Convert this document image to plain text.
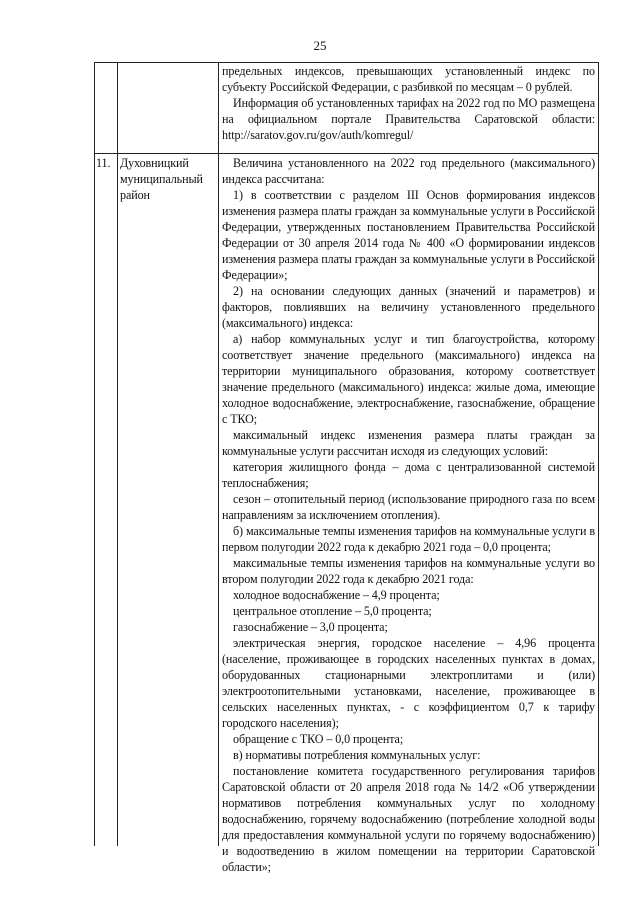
25

предельных индексов, превышающих установленный индекс по субъекту Российской Федерации, с разбивкой по месяцам – 0 рублей.

Информация об установленных тарифах на 2022 год по МО размещена на официальном портале Правительства Саратовской области: http://saratov.gov.ru/gov/auth/komregul/

11. Духовницкий муниципальный район

Величина установленного на 2022 год предельного (максимального) индекса рассчитана:

1) в соответствии с разделом III Основ формирования индексов изменения размера платы граждан за коммунальные услуги в Российской Федерации, утвержденных постановлением Правительства Российской Федерации от 30 апреля 2014 года № 400 «О формировании индексов изменения размера платы граждан за коммунальные услуги в Российской Федерации»;

2) на основании следующих данных (значений и параметров) и факторов, повлиявших на величину установленного предельного (максимального) индекса:

а) набор коммунальных услуг и тип благоустройства, которому соответствует значение предельного (максимального) индекса на территории муниципального образования, которому соответствует значение предельного (максимального) индекса: жилые дома, имеющие холодное водоснабжение, электроснабжение, газоснабжение, обращение с ТКО;

максимальный индекс изменения размера платы граждан за коммунальные услуги рассчитан исходя из следующих условий:

категория жилищного фонда – дома с централизованной системой теплоснабжения;

сезон – отопительный период (использование природного газа по всем направлениям за исключением отопления).

б) максимальные темпы изменения тарифов на коммунальные услуги в первом полугодии 2022 года к декабрю 2021 года – 0,0 процента;

максимальные темпы изменения тарифов на коммунальные услуги во втором полугодии 2022 года к декабрю 2021 года:

холодное водоснабжение – 4,9 процента;

центральное отопление – 5,0 процента;

газоснабжение – 3,0 процента;

электрическая энергия, городское население – 4,96 процента (население, проживающее в городских населенных пунктах в домах, оборудованных стационарными электроплитами и (или) электроотопительными установками, население, проживающее в сельских населенных пунктах, - с коэффициентом 0,7 к тарифу городского населения);

обращение с ТКО – 0,0 процента;

в) нормативы потребления коммунальных услуг:

постановление комитета государственного регулирования тарифов Саратовской области от 20 апреля 2018 года № 14/2 «Об утверждении нормативов потребления коммунальных услуг по холодному водоснабжению, горячему водоснабжению (потребление холодной воды для предоставления коммунальной услуги по горячему водоснабжению) и водоотведению в жилом помещении на территории Саратовской области»;
